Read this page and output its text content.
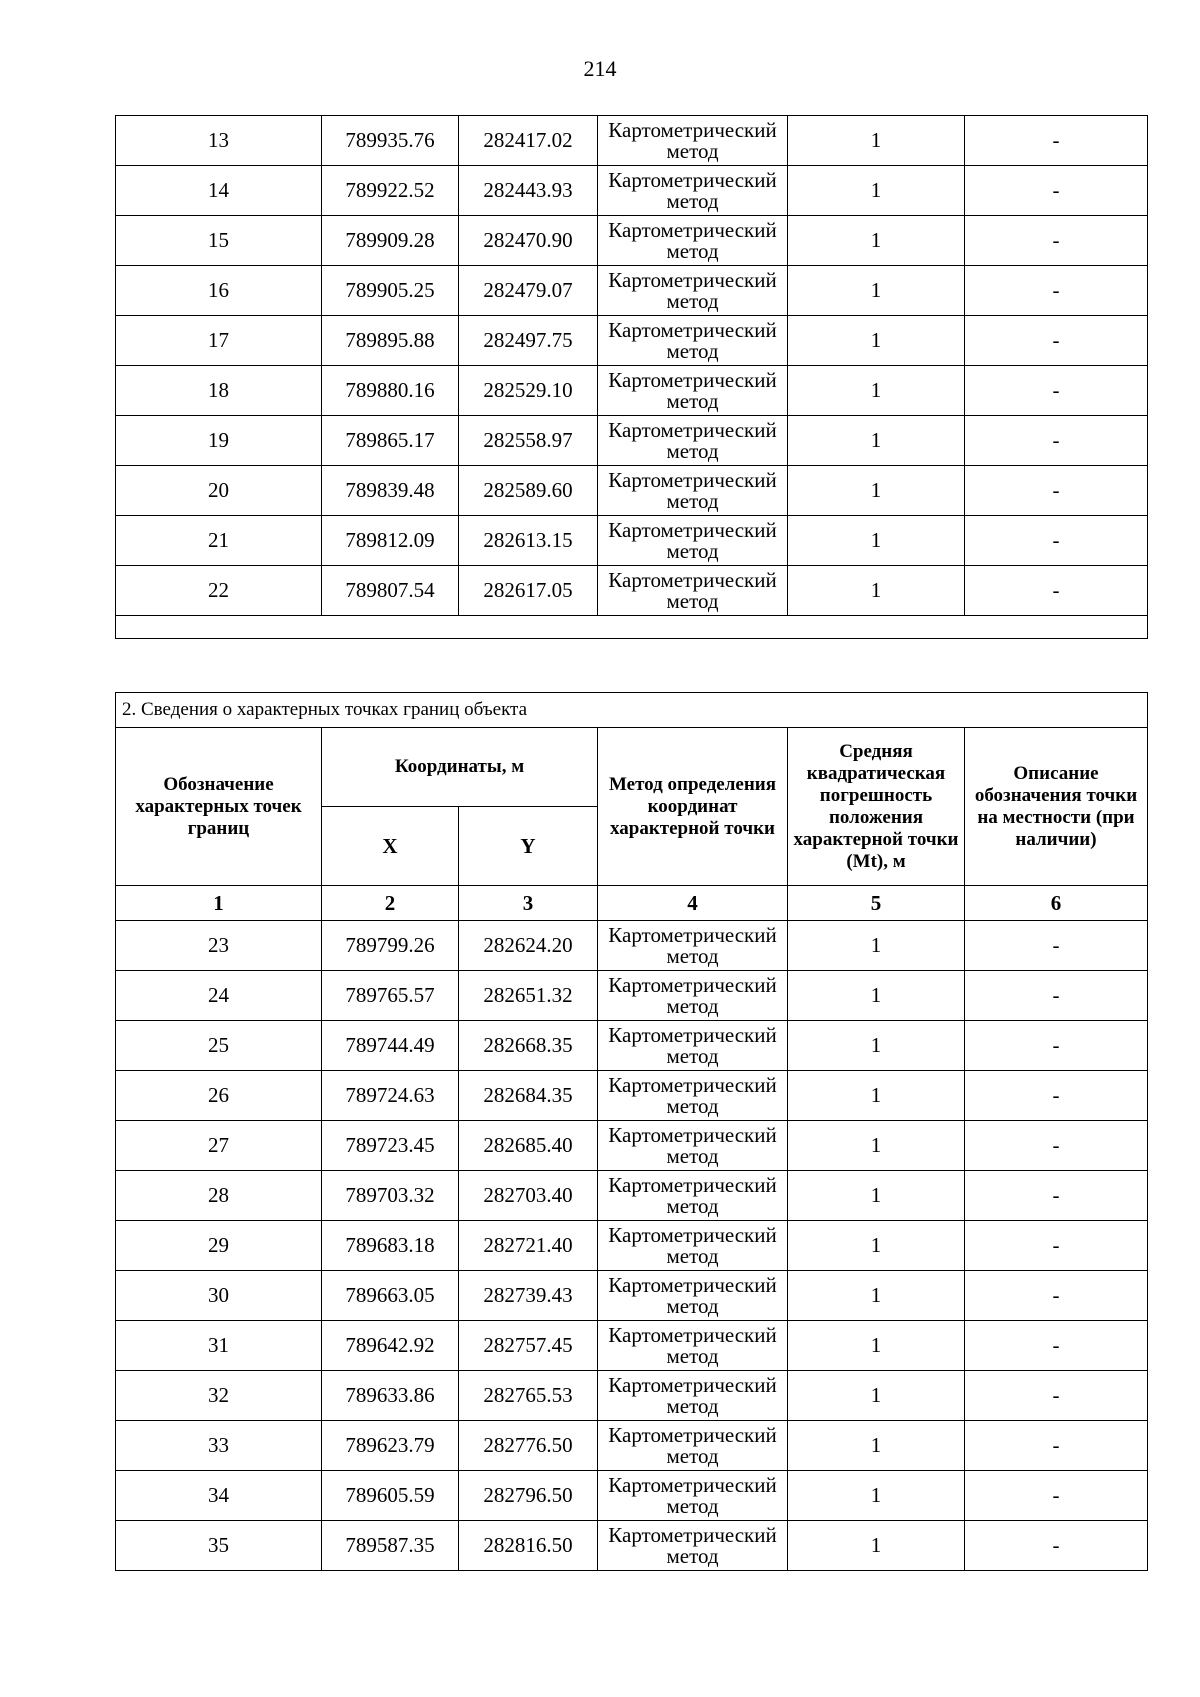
214
13	789935.76	282417.02	Картометрический метод	1	-
14	789922.52	282443.93	Картометрический метод	1	-
15	789909.28	282470.90	Картометрический метод	1	-
16	789905.25	282479.07	Картометрический метод	1	-
17	789895.88	282497.75	Картометрический метод	1	-
18	789880.16	282529.10	Картометрический метод	1	-
19	789865.17	282558.97	Картометрический метод	1	-
20	789839.48	282589.60	Картометрический метод	1	-
21	789812.09	282613.15	Картометрический метод	1	-
22	789807.54	282617.05	Картометрический метод	1	-

2. Сведения о характерных точках границ объекта					
Обозначение характерных точек границ	Координаты, м		Метод определения координат характерной точки	Средняя квадратическая погрешность положения характерной точки (Mt), м	Описание обозначения точки на местности (при наличии)
	X	Y			
1	2	3	4	5	6
23	789799.26	282624.20	Картометрический метод	1	-
24	789765.57	282651.32	Картометрический метод	1	-
25	789744.49	282668.35	Картометрический метод	1	-
26	789724.63	282684.35	Картометрический метод	1	-
27	789723.45	282685.40	Картометрический метод	1	-
28	789703.32	282703.40	Картометрический метод	1	-
29	789683.18	282721.40	Картометрический метод	1	-
30	789663.05	282739.43	Картометрический метод	1	-
31	789642.92	282757.45	Картометрический метод	1	-
32	789633.86	282765.53	Картометрический метод	1	-
33	789623.79	282776.50	Картометрический метод	1	-
34	789605.59	282796.50	Картометрический метод	1	-
35	789587.35	282816.50	Картометрический метод	1	-
